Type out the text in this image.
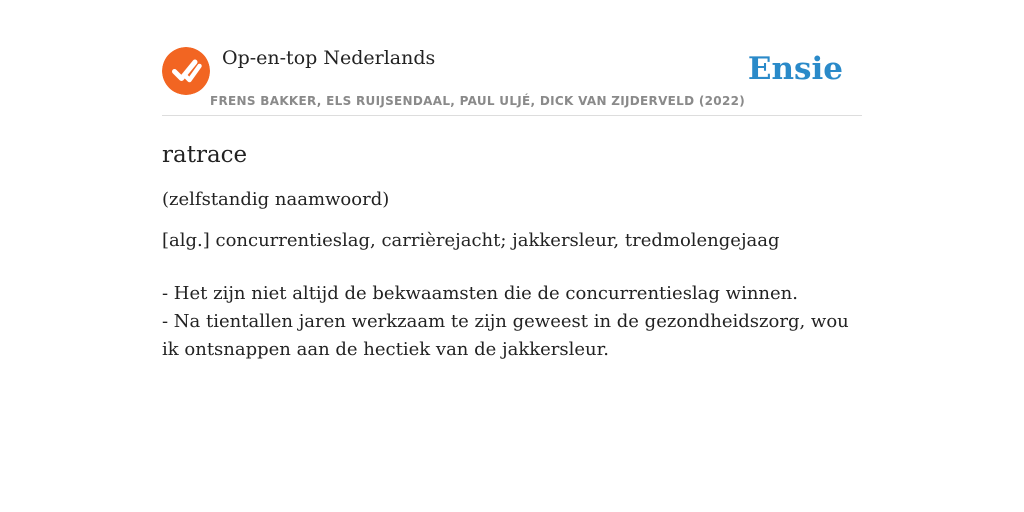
Op-en-top Nederlands
FRENS BAKKER, ELS RUIJSENDAAL, PAUL ULJÉ, DICK VAN ZIJDERVELD (2022)
Ensie
ratrace
(zelfstandig naamwoord)
[alg.] concurrentieslag, carrièrejacht; jakkersleur, tredmolengejaag
- Het zijn niet altijd de bekwaamsten die de concurrentieslag winnen.
- Na tientallen jaren werkzaam te zijn geweest in de gezondheidszorg, wou ik ontsnappen aan de hectiek van de jakkersleur.
